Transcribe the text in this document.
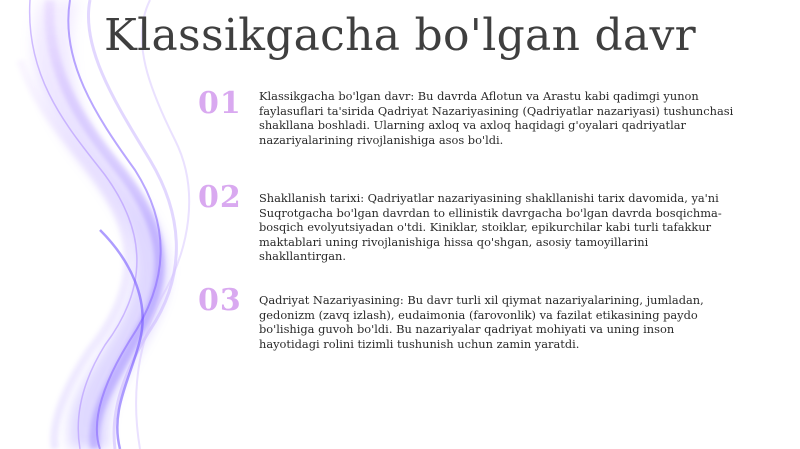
Klassikgacha bo'lgan davr
01	Klassikgacha bo'lgan davr: Bu davrda Aflotun va Arastu kabi qadimgi yunon faylasuflari ta'sirida Qadriyat Nazariyasining (Qadriyatlar nazariyasi) tushunchasi shakllana boshladi. Ularning axloq va axloq haqidagi g'oyalari qadriyatlar nazariyalarining rivojlanishiga asos bo'ldi.
02	Shakllanish tarixi: Qadriyatlar nazariyasining shakllanishi tarix davomida, ya'ni Suqrotgacha bo'lgan davrdan to ellinistik davrgacha bo'lgan davrda bosqichma-bosqich evolyutsiyadan o'tdi. Kiniklar, stoiklar, epikurchilar kabi turli tafakkur maktablari uning rivojlanishiga hissa qo'shgan, asosiy tamoyillarini shakllantirgan.
03	Qadriyat Nazariyasining: Bu davr turli xil qiymat nazariyalarining, jumladan, gedonizm (zavq izlash), eudaimonia (farovonlik) va fazilat etikasining paydo bo'lishiga guvoh bo'ldi. Bu nazariyalar qadriyat mohiyati va uning inson hayotidagi rolini tizimli tushunish uchun zamin yaratdi.
